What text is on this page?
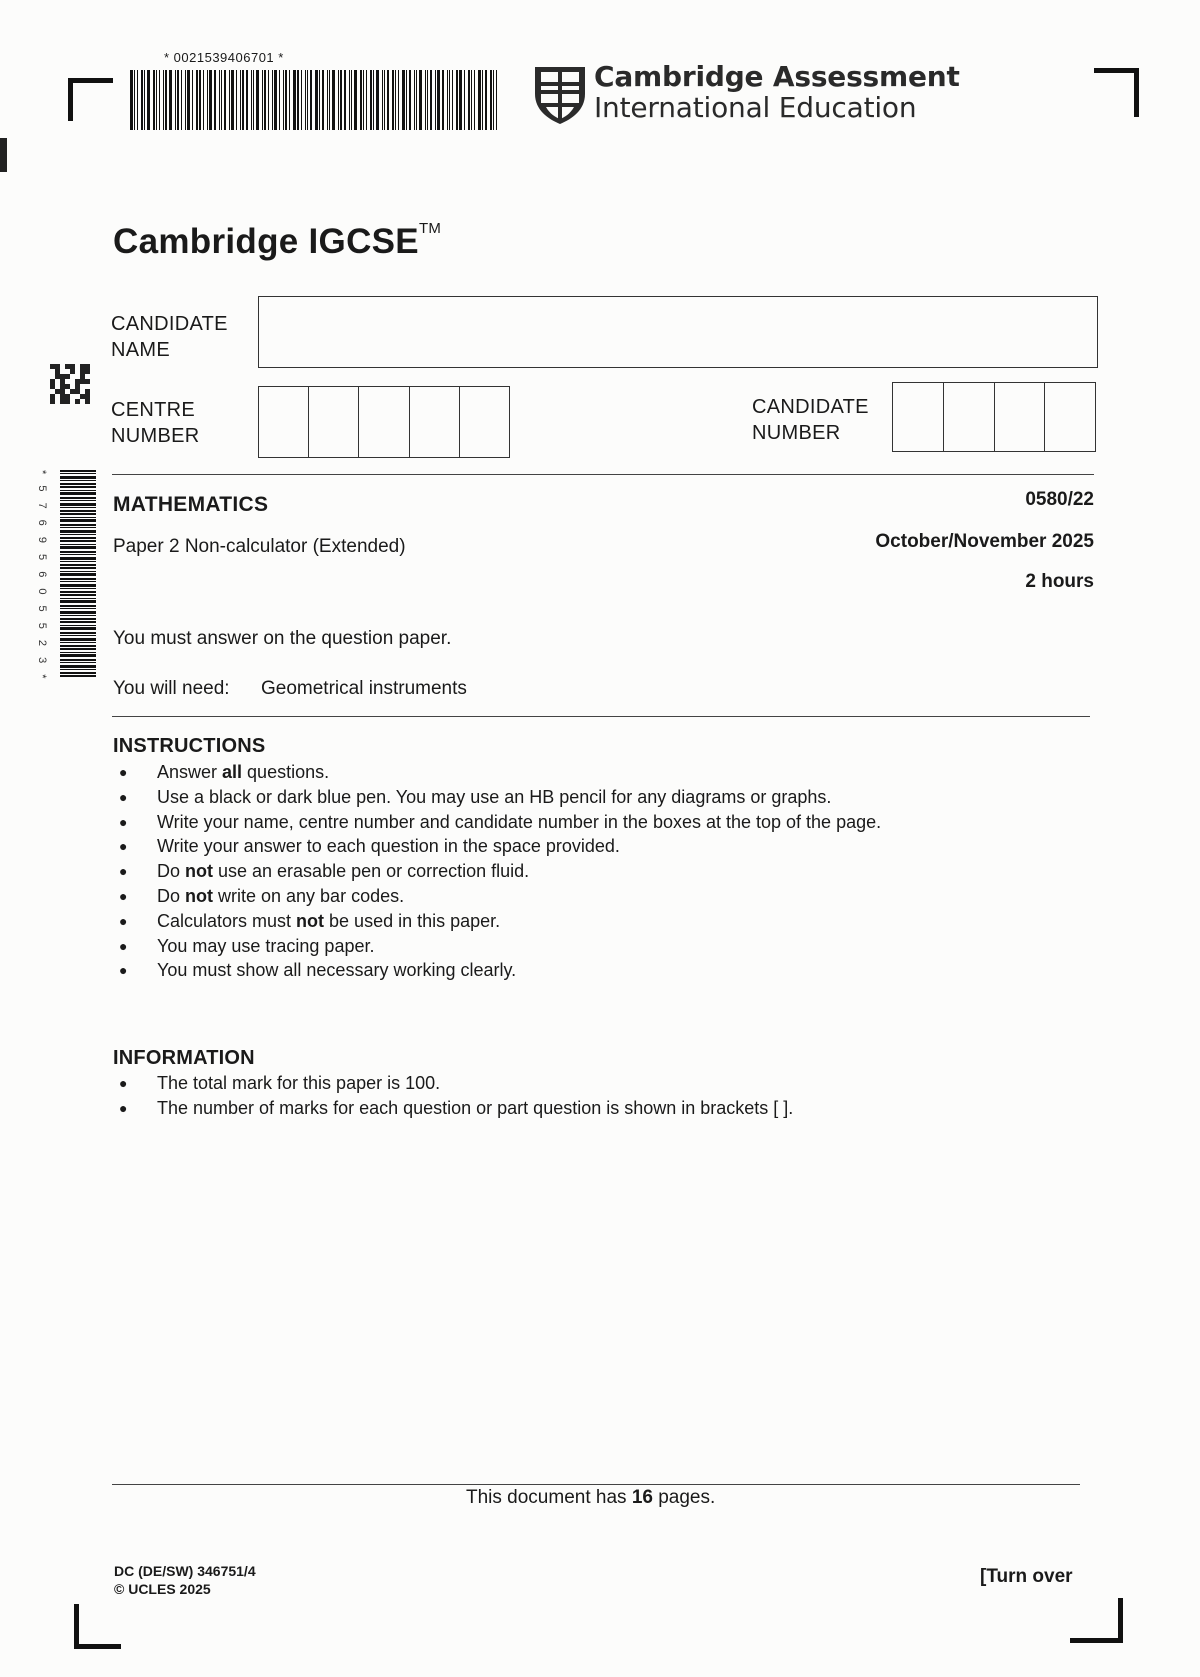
* 0021539406701 *
Cambridge Assessment
International Education
Cambridge IGCSE™
* 5 7 6 9 5 6 0 5 5 2 3 *
CANDIDATE
NAME
CENTRE
NUMBER
CANDIDATE
NUMBER
MATHEMATICS	0580/22
Paper 2 Non-calculator (Extended)	October/November 2025
2 hours
You must answer on the question paper.
You will need: Geometrical instruments
INSTRUCTIONS
● Answer all questions.
● Use a black or dark blue pen. You may use an HB pencil for any diagrams or graphs.
● Write your name, centre number and candidate number in the boxes at the top of the page.
● Write your answer to each question in the space provided.
● Do not use an erasable pen or correction fluid.
● Do not write on any bar codes.
● Calculators must not be used in this paper.
● You may use tracing paper.
● You must show all necessary working clearly.
INFORMATION
● The total mark for this paper is 100.
● The number of marks for each question or part question is shown in brackets [ ].
This document has 16 pages.
DC (DE/SW) 346751/4
© UCLES 2025
[Turn over
